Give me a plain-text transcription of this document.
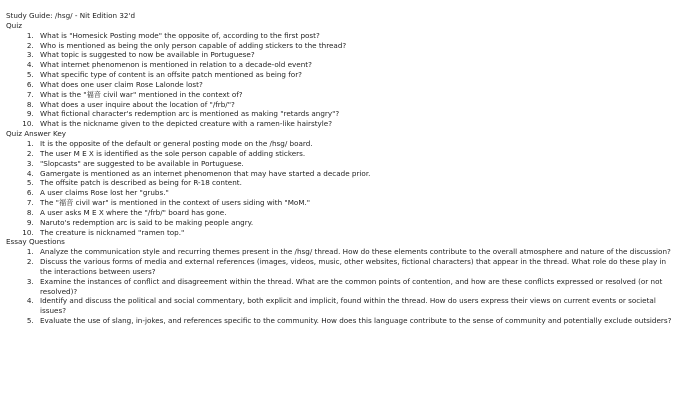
Study Guide: /hsg/ - Nit Edition 32'd
Quiz
1. What is "Homesick Posting mode" the opposite of, according to the first post?
2. Who is mentioned as being the only person capable of adding stickers to the thread?
3. What topic is suggested to now be available in Portuguese?
4. What internet phenomenon is mentioned in relation to a decade-old event?
5. What specific type of content is an offsite patch mentioned as being for?
6. What does one user claim Rose Lalonde lost?
7. What is the "福音 civil war" mentioned in the context of?
8. What does a user inquire about the location of "/frb/"?
9. What fictional character's redemption arc is mentioned as making "retards angry"?
10. What is the nickname given to the depicted creature with a ramen-like hairstyle?
Quiz Answer Key
1. It is the opposite of the default or general posting mode on the /hsg/ board.
2. The user M E X is identified as the sole person capable of adding stickers.
3. "Slopcasts" are suggested to be available in Portuguese.
4. Gamergate is mentioned as an internet phenomenon that may have started a decade prior.
5. The offsite patch is described as being for R-18 content.
6. A user claims Rose lost her "grubs."
7. The "福音 civil war" is mentioned in the context of users siding with "MoM."
8. A user asks M E X where the "/frb/" board has gone.
9. Naruto's redemption arc is said to be making people angry.
10. The creature is nicknamed "ramen top."
Essay Questions
1. Analyze the communication style and recurring themes present in the /hsg/ thread. How do these elements contribute to the overall atmosphere and nature of the discussion?
2. Discuss the various forms of media and external references (images, videos, music, other websites, fictional characters) that appear in the thread. What role do these play in the interactions between users?
3. Examine the instances of conflict and disagreement within the thread. What are the common points of contention, and how are these conflicts expressed or resolved (or not resolved)?
4. Identify and discuss the political and social commentary, both explicit and implicit, found within the thread. How do users express their views on current events or societal issues?
5. Evaluate the use of slang, in-jokes, and references specific to the community. How does this language contribute to the sense of community and potentially exclude outsiders?
